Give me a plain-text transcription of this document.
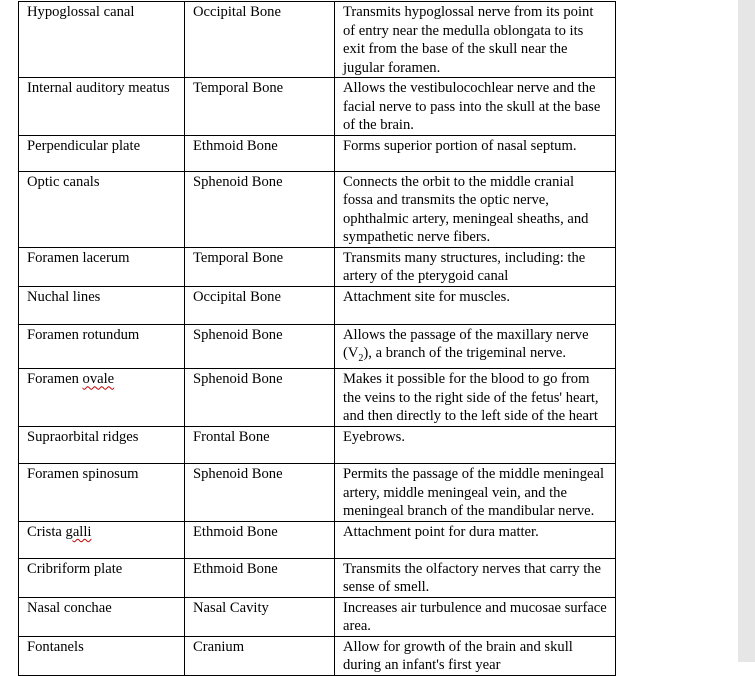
Hypoglossal canal	Occipital Bone	Transmits hypoglossal nerve from its point of entry near the medulla oblongata to its exit from the base of the skull near the jugular foramen.
Internal auditory meatus	Temporal Bone	Allows the vestibulocochlear nerve and the facial nerve to pass into the skull at the base of the brain.
Perpendicular plate	Ethmoid Bone	Forms superior portion of nasal septum.
Optic canals	Sphenoid Bone	Connects the orbit to the middle cranial fossa and transmits the optic nerve, ophthalmic artery, meningeal sheaths, and sympathetic nerve fibers.
Foramen lacerum	Temporal Bone	Transmits many structures, including: the artery of the pterygoid canal
Nuchal lines	Occipital Bone	Attachment site for muscles.
Foramen rotundum	Sphenoid Bone	Allows the passage of the maxillary nerve $(V_2)$, a branch of the trigeminal nerve.
Foramen ovale	Sphenoid Bone	Makes it possible for the blood to go from the veins to the right side of the fetus' heart, and then directly to the left side of the heart
Supraorbital ridges	Frontal Bone	Eyebrows.
Foramen spinosum	Sphenoid Bone	Permits the passage of the middle meningeal artery, middle meningeal vein, and the meningeal branch of the mandibular nerve.
Crista galli	Ethmoid Bone	Attachment point for dura matter.
Cribriform plate	Ethmoid Bone	Transmits the olfactory nerves that carry the sense of smell.
Nasal conchae	Nasal Cavity	Increases air turbulence and mucosae surface area.
Fontanels	Cranium	Allow for growth of the brain and skull during an infant's first year
